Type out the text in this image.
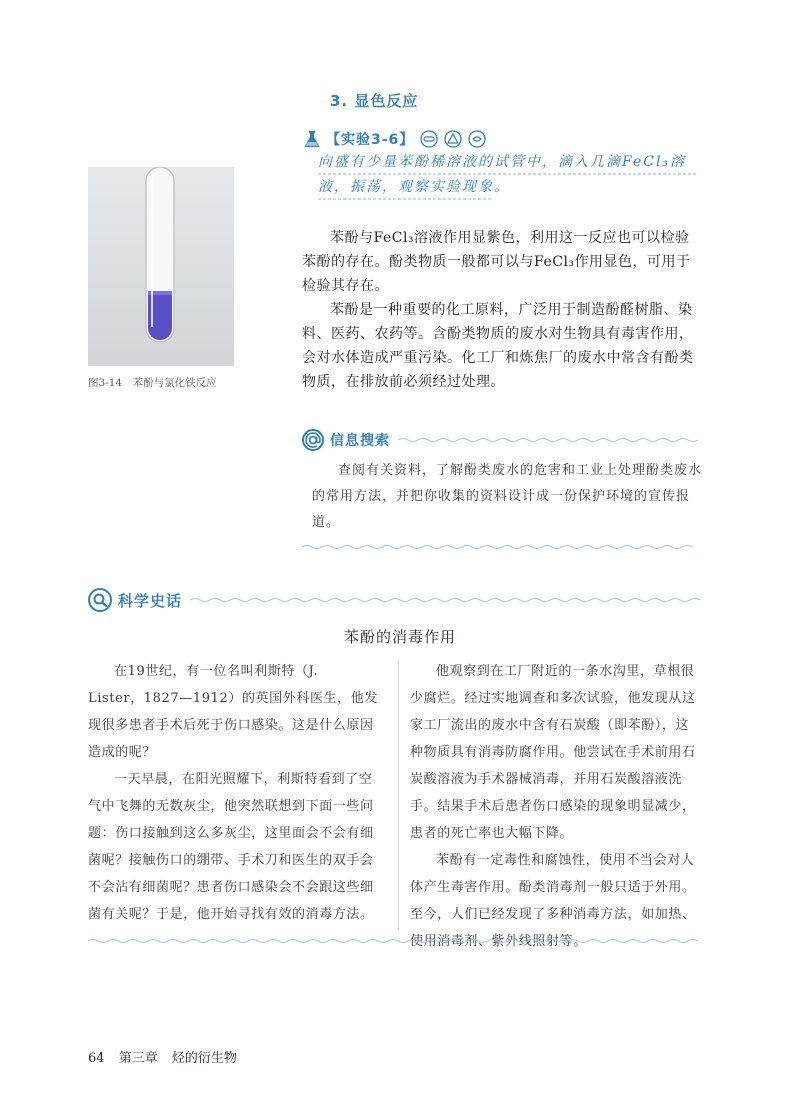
3. 显色反应
【实验3-6】
向盛有少量苯酚稀溶液的试管中，滴入几滴FeCl₃溶液，振荡，观察实验现象。
图3-14　苯酚与氯化铁反应
苯酚与FeCl₃溶液作用显紫色，利用这一反应也可以检验苯酚的存在。酚类物质一般都可以与FeCl₃作用显色，可用于检验其存在。
苯酚是一种重要的化工原料，广泛用于制造酚醛树脂、染料、医药、农药等。含酚类物质的废水对生物具有毒害作用，会对水体造成严重污染。化工厂和炼焦厂的废水中常含有酚类物质，在排放前必须经过处理。
信息搜索
查阅有关资料，了解酚类废水的危害和工业上处理酚类废水的常用方法，并把你收集的资料设计成一份保护环境的宣传报道。
科学史话
苯酚的消毒作用

在19世纪，有一位名叫利斯特（J. Lister，1827—1912）的英国外科医生，他发现很多患者手术后死于伤口感染。这是什么原因造成的呢？

一天早晨，在阳光照耀下，利斯特看到了空气中飞舞的无数灰尘，他突然联想到下面一些问题：伤口接触到这么多灰尘，这里面会不会有细菌呢？接触伤口的绷带、手术刀和医生的双手会不会沾有细菌呢？患者伤口感染会不会跟这些细菌有关呢？于是，他开始寻找有效的消毒方法。

他观察到在工厂附近的一条水沟里，草根很少腐烂。经过实地调查和多次试验，他发现从这家工厂流出的废水中含有石炭酸（即苯酚），这种物质具有消毒防腐作用。他尝试在手术前用石炭酸溶液为手术器械消毒，并用石炭酸溶液洗手。结果手术后患者伤口感染的现象明显减少，患者的死亡率也大幅下降。

苯酚有一定毒性和腐蚀性，使用不当会对人体产生毒害作用。酚类消毒剂一般只适于外用。至今，人们已经发现了多种消毒方法，如加热、使用消毒剂、紫外线照射等。

64 第三章 烃的衍生物
